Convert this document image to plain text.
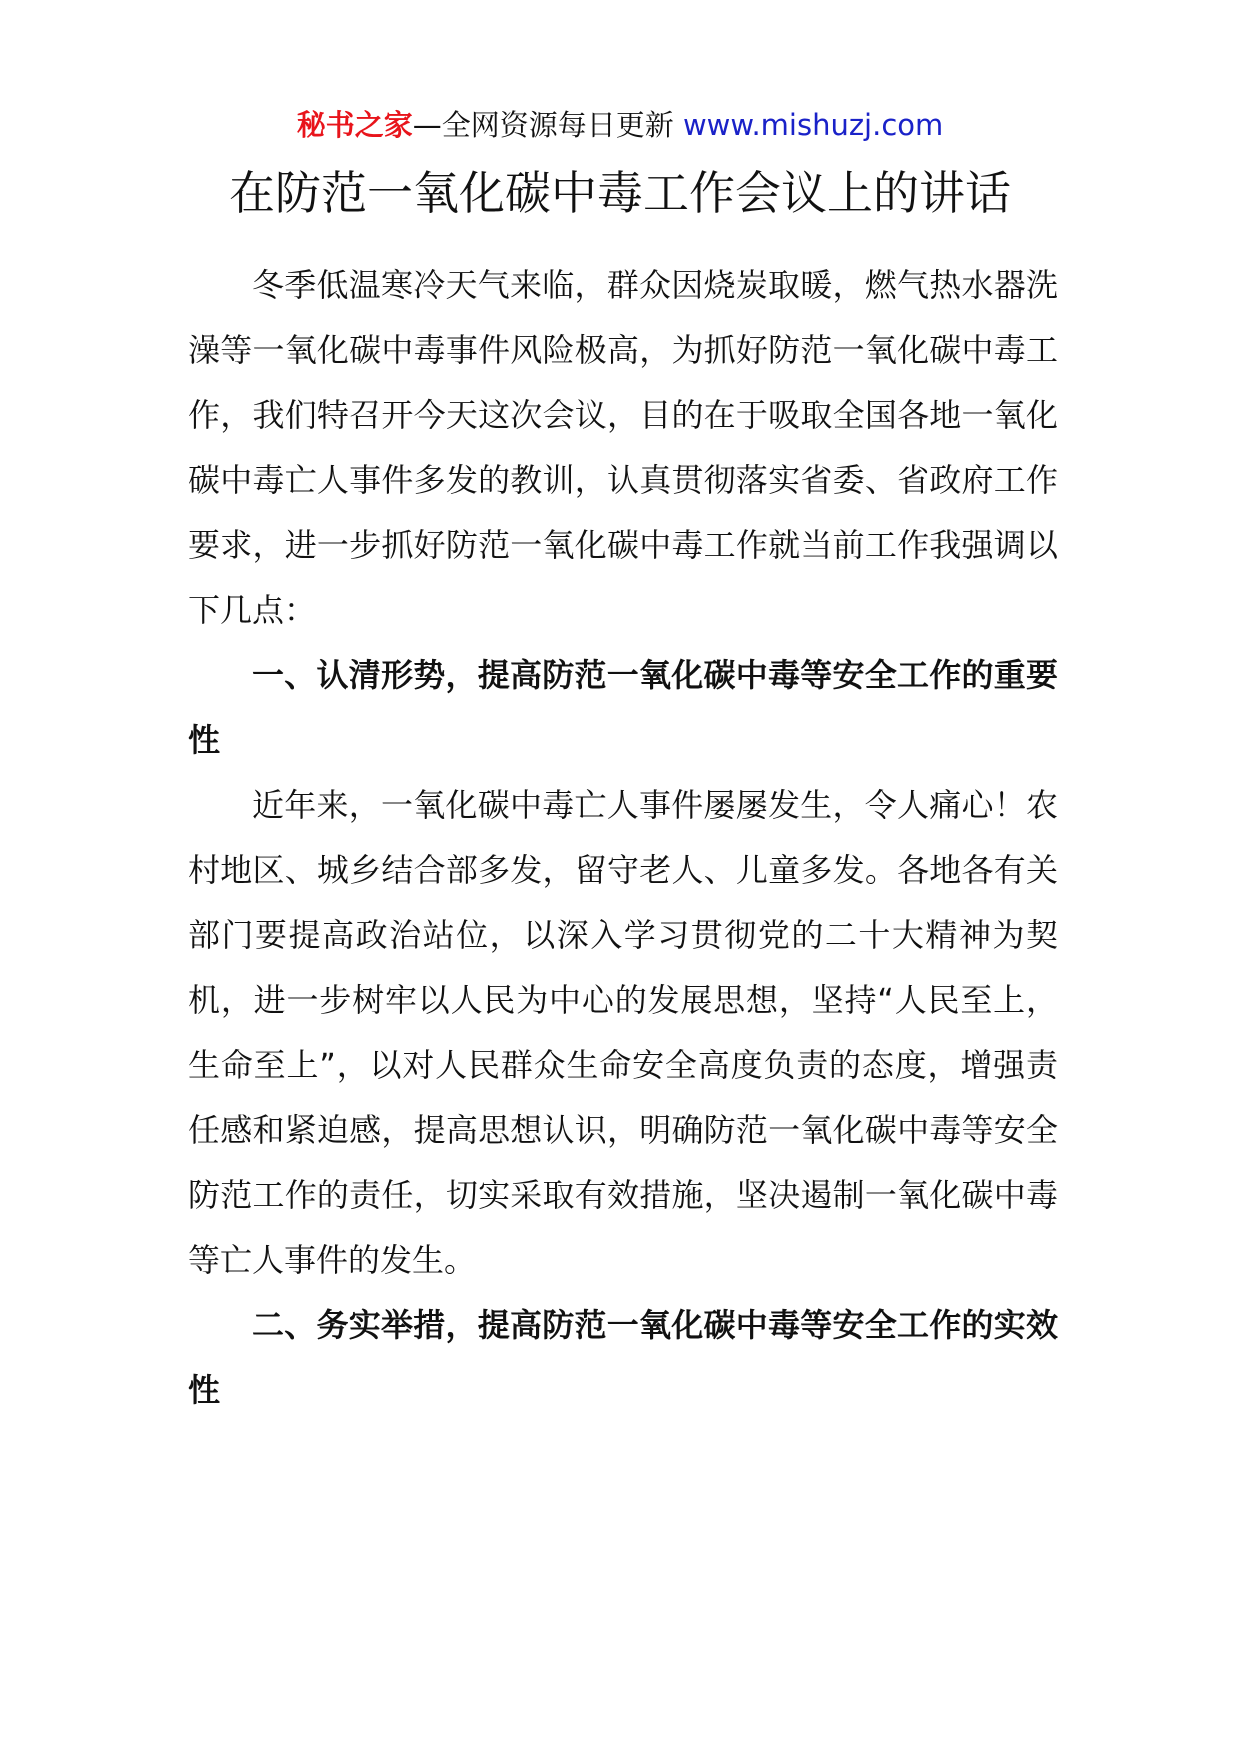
秘书之家—全网资源每日更新 www.mishuzj.com
在防范一氧化碳中毒工作会议上的讲话

冬季低温寒冷天气来临，群众因烧炭取暖，燃气热水器洗澡等一氧化碳中毒事件风险极高，为抓好防范一氧化碳中毒工作，我们特召开今天这次会议，目的在于吸取全国各地一氧化碳中毒亡人事件多发的教训，认真贯彻落实省委、省政府工作要求，进一步抓好防范一氧化碳中毒工作就当前工作我强调以下几点：

一、认清形势，提高防范一氧化碳中毒等安全工作的重要性

近年来，一氧化碳中毒亡人事件屡屡发生，令人痛心！农村地区、城乡结合部多发，留守老人、儿童多发。各地各有关部门要提高政治站位，以深入学习贯彻党的二十大精神为契机，进一步树牢以人民为中心的发展思想，坚持“人民至上，生命至上”，以对人民群众生命安全高度负责的态度，增强责任感和紧迫感，提高思想认识，明确防范一氧化碳中毒等安全防范工作的责任，切实采取有效措施，坚决遏制一氧化碳中毒等亡人事件的发生。

二、务实举措，提高防范一氧化碳中毒等安全工作的实效性
